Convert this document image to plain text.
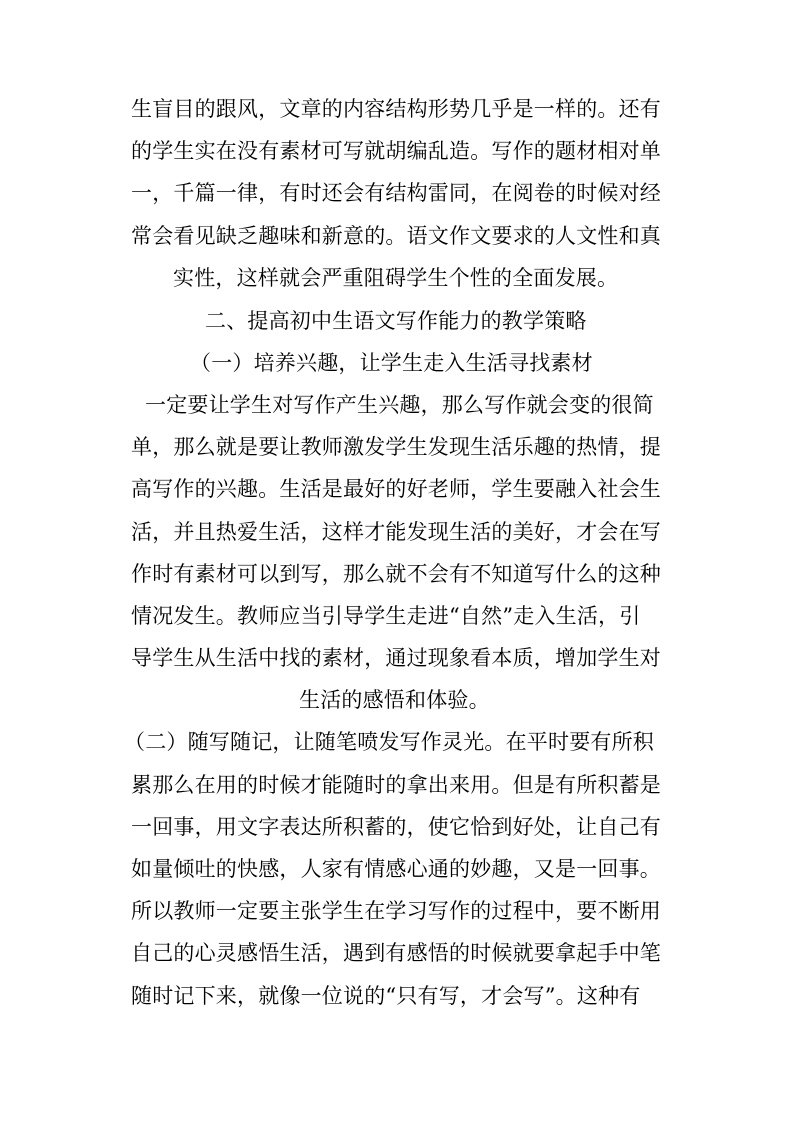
生盲目的跟风，文章的内容结构形势几乎是一样的。还有
的学生实在没有素材可写就胡编乱造。写作的题材相对单
一，千篇一律，有时还会有结构雷同，在阅卷的时候对经
常会看见缺乏趣味和新意的。语文作文要求的人文性和真
实性，这样就会严重阻碍学生个性的全面发展。
二、提高初中生语文写作能力的教学策略
（一）培养兴趣，让学生走入生活寻找素材
一定要让学生对写作产生兴趣，那么写作就会变的很简
单，那么就是要让教师激发学生发现生活乐趣的热情，提
高写作的兴趣。生活是最好的好老师，学生要融入社会生
活，并且热爱生活，这样才能发现生活的美好，才会在写
作时有素材可以到写，那么就不会有不知道写什么的这种
情况发生。教师应当引导学生走进“自然”走入生活，引
导学生从生活中找的素材，通过现象看本质，增加学生对
生活的感悟和体验。
（二）随写随记，让随笔喷发写作灵光。在平时要有所积
累那么在用的时候才能随时的拿出来用。但是有所积蓄是
一回事，用文字表达所积蓄的，使它恰到好处，让自己有
如量倾吐的快感，人家有情感心通的妙趣，又是一回事。
所以教师一定要主张学生在学习写作的过程中，要不断用
自己的心灵感悟生活，遇到有感悟的时候就要拿起手中笔
随时记下来，就像一位说的“只有写，才会写”。这种有
